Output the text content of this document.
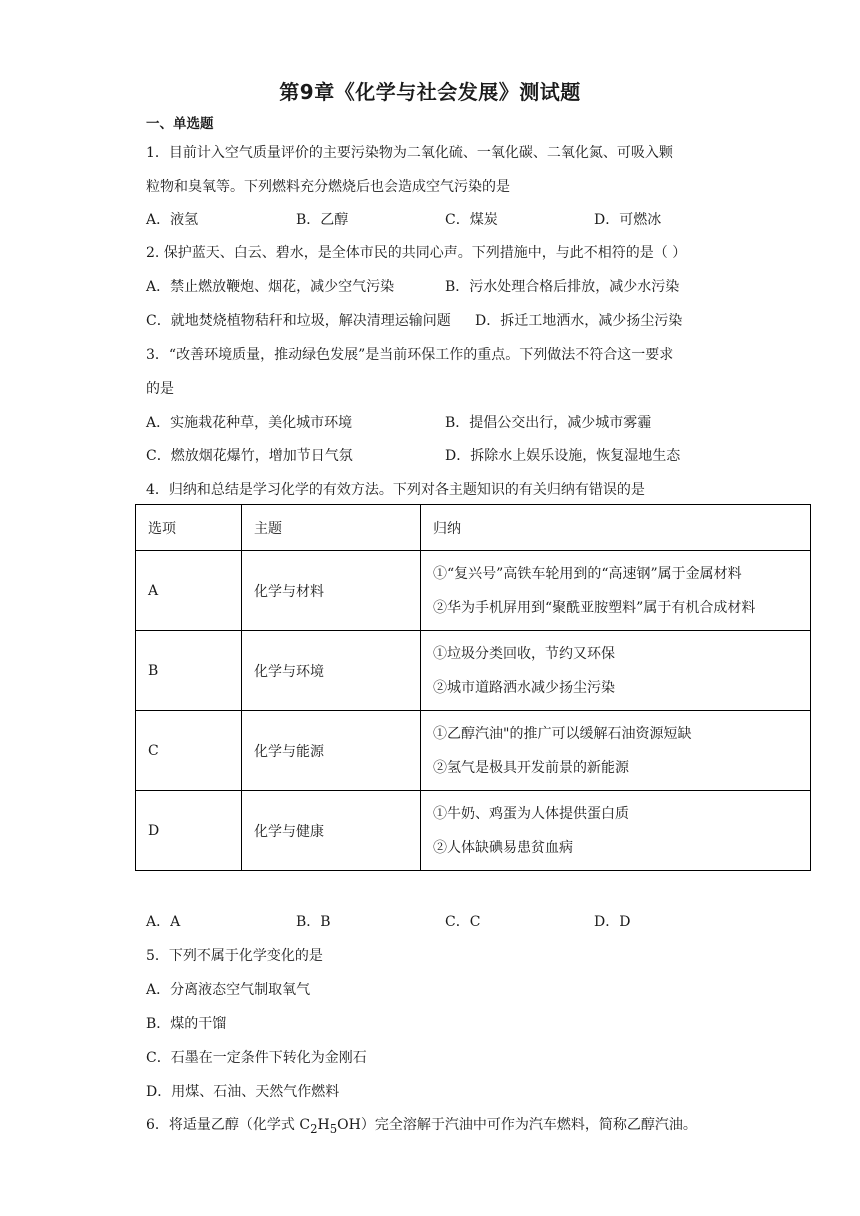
第9章《化学与社会发展》测试题
一、单选题
1．目前计入空气质量评价的主要污染物为二氧化硫、一氧化碳、二氧化氮、可吸入颗
粒物和臭氧等。下列燃料充分燃烧后也会造成空气污染的是
A．液氢	B．乙醇	C．煤炭	D．可燃冰
2. 保护蓝天、白云、碧水，是全体市民的共同心声。下列措施中，与此不相符的是（ ）
A．禁止燃放鞭炮、烟花，减少空气污染	B．污水处理合格后排放，减少水污染
C．就地焚烧植物秸秆和垃圾，解决清理运输问题 D．拆迁工地洒水，减少扬尘污染
3．“改善环境质量，推动绿色发展”是当前环保工作的重点。下列做法不符合这一要求
的是
A．实施栽花种草，美化城市环境	B．提倡公交出行，减少城市雾霾
C．燃放烟花爆竹，增加节日气氛	D．拆除水上娱乐设施，恢复湿地生态
4．归纳和总结是学习化学的有效方法。下列对各主题知识的有关归纳有错误的是
选项	主题	归纳
A	化学与材料	①“复兴号”高铁车轮用到的“高速钢”属于金属材料
②华为手机屏用到“聚酰亚胺塑料”属于有机合成材料

B	化学与环境	①垃圾分类回收，节约又环保
②城市道路洒水减少扬尘污染

C	化学与能源	①乙醇汽油"的推广可以缓解石油资源短缺
②氢气是极具开发前景的新能源

D	化学与健康	①牛奶、鸡蛋为人体提供蛋白质
②人体缺碘易患贫血病
A．A	B．B	C．C	D．D
5．下列不属于化学变化的是
A．分离液态空气制取氧气
B．煤的干馏
C．石墨在一定条件下转化为金刚石
D．用煤、石油、天然气作燃料
6．将适量乙醇（化学式 $C_2H_5OH$）完全溶解于汽油中可作为汽车燃料，简称乙醇汽油。
